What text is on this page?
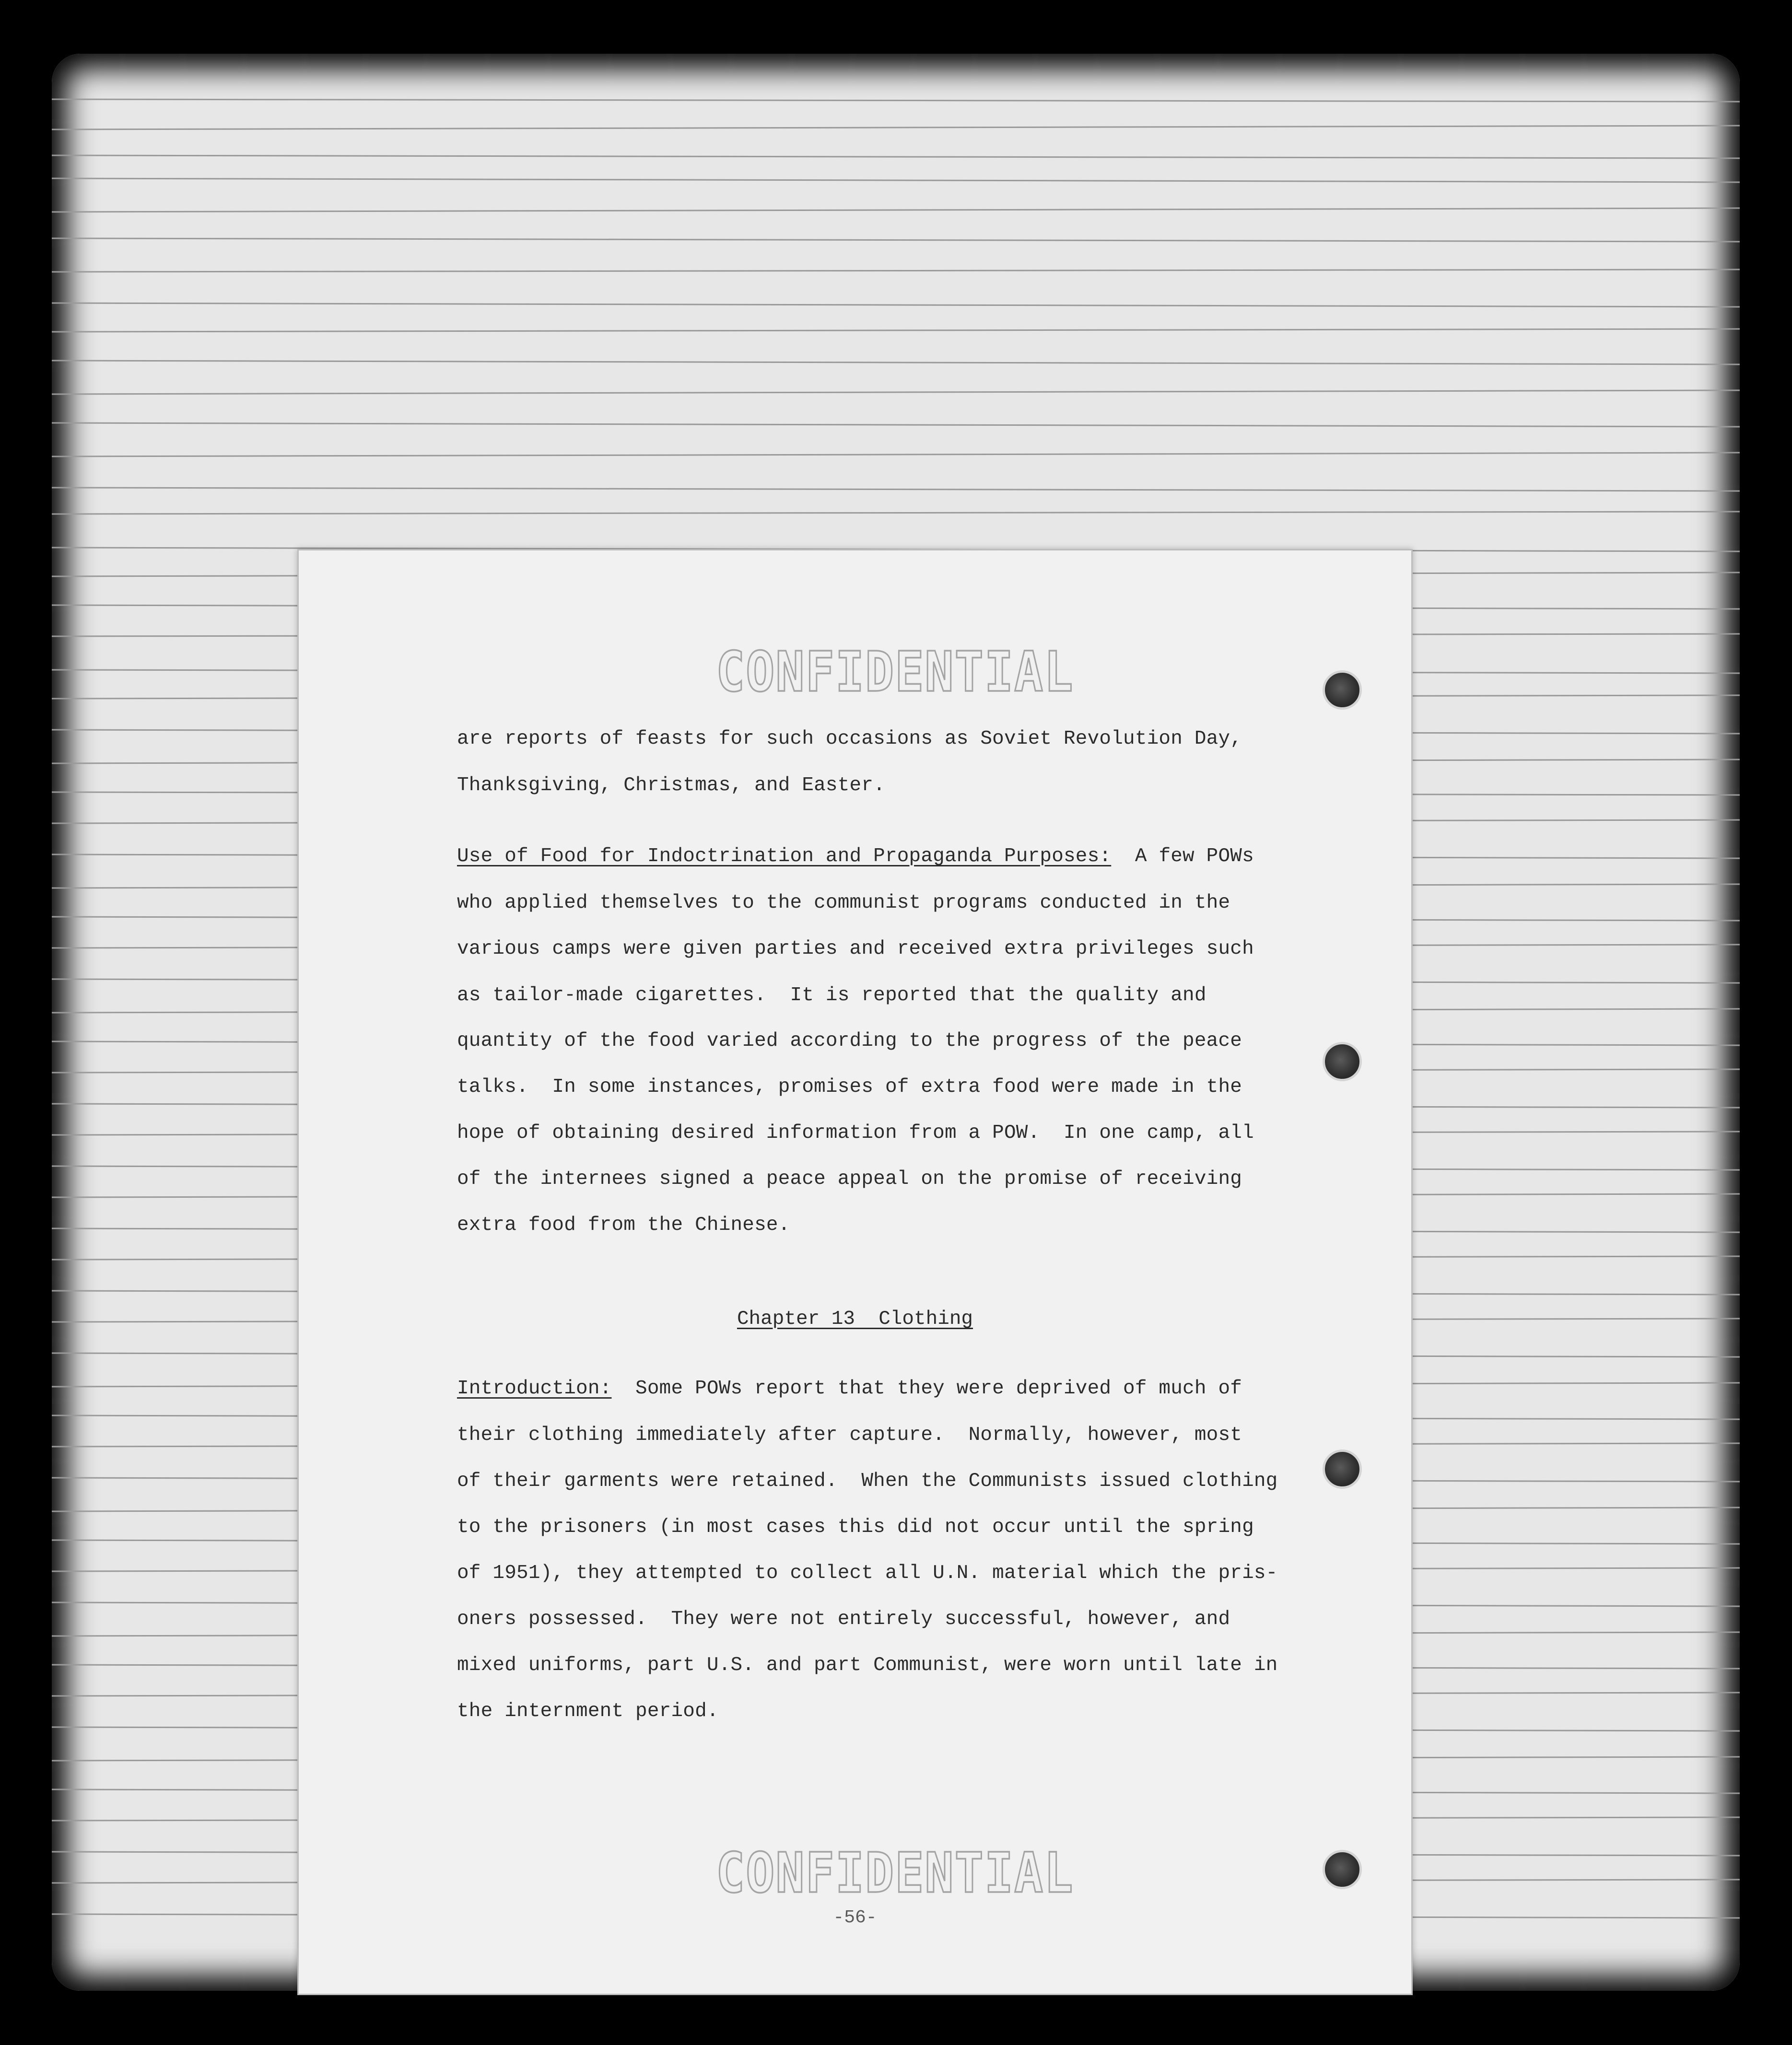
CONFIDENTIAL
are reports of feasts for such occasions as Soviet Revolution Day,
Thanksgiving, Christmas, and Easter.
Use of Food for Indoctrination and Propaganda Purposes:  A few POWs
who applied themselves to the communist programs conducted in the
various camps were given parties and received extra privileges such
as tailor-made cigarettes.  It is reported that the quality and
quantity of the food varied according to the progress of the peace
talks.  In some instances, promises of extra food were made in the
hope of obtaining desired information from a POW.  In one camp, all
of the internees signed a peace appeal on the promise of receiving
extra food from the Chinese.
Chapter 13  Clothing
Introduction:  Some POWs report that they were deprived of much of
their clothing immediately after capture.  Normally, however, most
of their garments were retained.  When the Communists issued clothing
to the prisoners (in most cases this did not occur until the spring
of 1951), they attempted to collect all U.N. material which the pris-
oners possessed.  They were not entirely successful, however, and
mixed uniforms, part U.S. and part Communist, were worn until late in
the internment period.
CONFIDENTIAL
-56-
